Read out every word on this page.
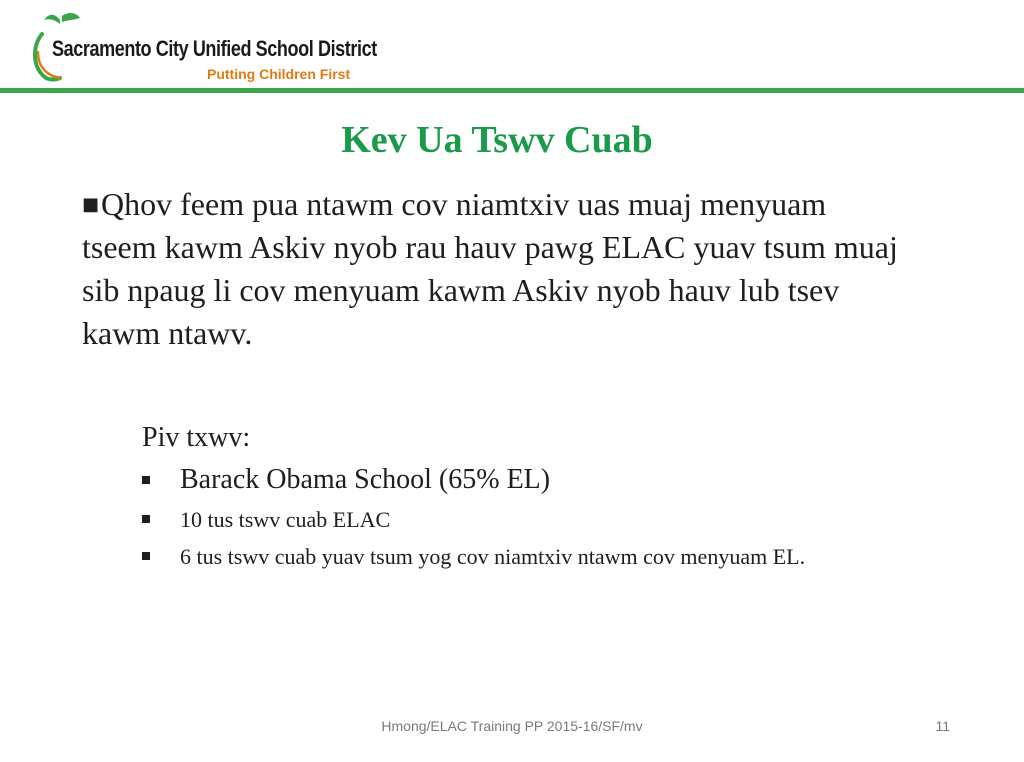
Sacramento City Unified School District
Putting Children First
Kev Ua Tswv Cuab
■Qhov feem pua ntawm cov niamtxiv uas muaj menyuam tseem kawm Askiv nyob rau hauv pawg ELAC yuav tsum muaj sib npaug li cov menyuam kawm Askiv nyob hauv lub tsev kawm ntawv.
Piv txwv:
Barack Obama School (65% EL)
10 tus tswv cuab ELAC
6 tus tswv cuab yuav tsum yog cov niamtxiv ntawm cov menyuam EL.
Hmong/ELAC Training PP 2015-16/SF/mv	11
